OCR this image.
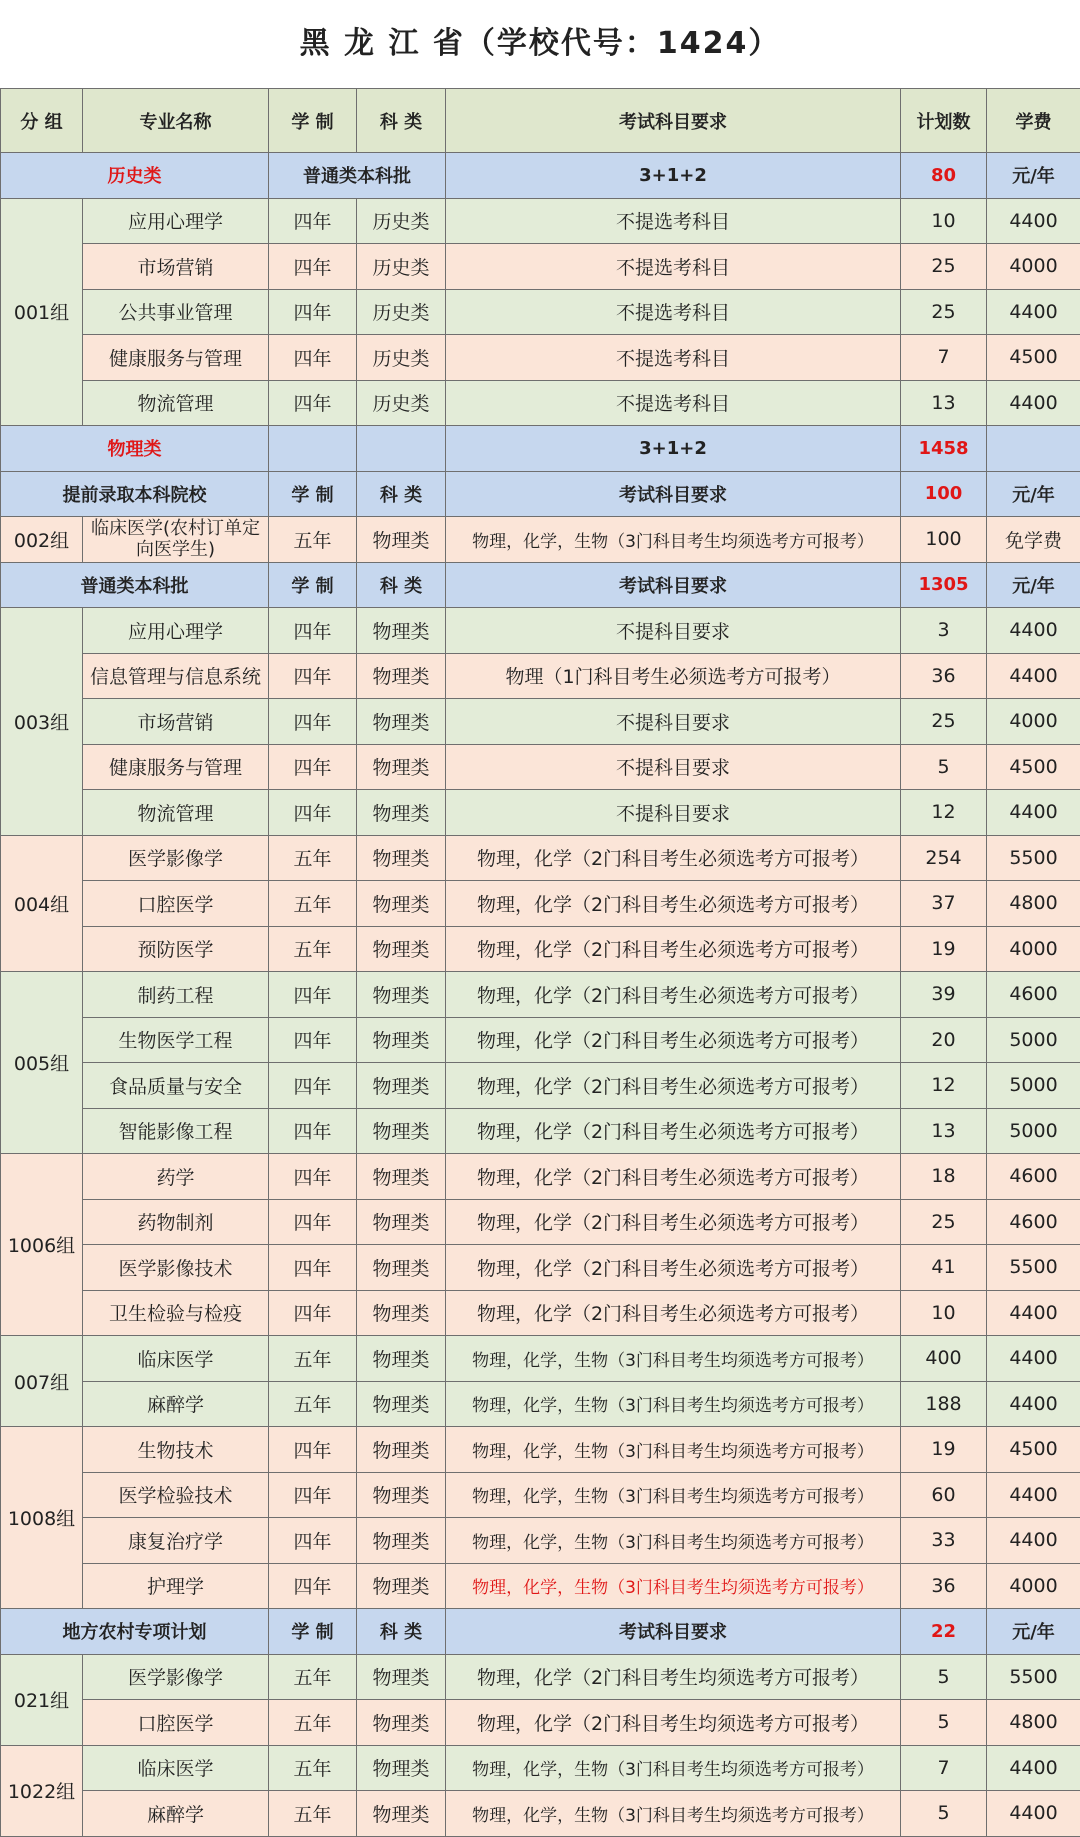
黑 龙 江 省（学校代号：1424）
分 组	专业名称	学 制	科 类	考试科目要求	计划数	学费
历史类		普通类本科批		3+1+2	80	元/年
001组	应用心理学	四年	历史类	不提选考科目	10	4400
	市场营销	四年	历史类	不提选考科目	25	4000
	公共事业管理	四年	历史类	不提选考科目	25	4400
	健康服务与管理	四年	历史类	不提选考科目	7	4500
	物流管理	四年	历史类	不提选考科目	13	4400
物理类				3+1+2	1458	
提前录取本科院校		学 制	科 类	考试科目要求	100	元/年
002组	临床医学(农村订单定向医学生)	五年	物理类	物理，化学，生物（3门科目考生均须选考方可报考）	100	免学费
普通类本科批		学 制	科 类	考试科目要求	1305	元/年
003组	应用心理学	四年	物理类	不提科目要求	3	4400
	信息管理与信息系统	四年	物理类	物理（1门科目考生必须选考方可报考）	36	4400
	市场营销	四年	物理类	不提科目要求	25	4000
	健康服务与管理	四年	物理类	不提科目要求	5	4500
	物流管理	四年	物理类	不提科目要求	12	4400
004组	医学影像学	五年	物理类	物理，化学（2门科目考生必须选考方可报考）	254	5500
	口腔医学	五年	物理类	物理，化学（2门科目考生必须选考方可报考）	37	4800
	预防医学	五年	物理类	物理，化学（2门科目考生必须选考方可报考）	19	4000
005组	制药工程	四年	物理类	物理，化学（2门科目考生必须选考方可报考）	39	4600
	生物医学工程	四年	物理类	物理，化学（2门科目考生必须选考方可报考）	20	5000
	食品质量与安全	四年	物理类	物理，化学（2门科目考生必须选考方可报考）	12	5000
	智能影像工程	四年	物理类	物理，化学（2门科目考生必须选考方可报考）	13	5000
1006组	药学	四年	物理类	物理，化学（2门科目考生必须选考方可报考）	18	4600
	药物制剂	四年	物理类	物理，化学（2门科目考生必须选考方可报考）	25	4600
	医学影像技术	四年	物理类	物理，化学（2门科目考生必须选考方可报考）	41	5500
	卫生检验与检疫	四年	物理类	物理，化学（2门科目考生必须选考方可报考）	10	4400
007组	临床医学	五年	物理类	物理，化学，生物（3门科目考生均须选考方可报考）	400	4400
	麻醉学	五年	物理类	物理，化学，生物（3门科目考生均须选考方可报考）	188	4400
1008组	生物技术	四年	物理类	物理，化学，生物（3门科目考生均须选考方可报考）	19	4500
	医学检验技术	四年	物理类	物理，化学，生物（3门科目考生均须选考方可报考）	60	4400
	康复治疗学	四年	物理类	物理，化学，生物（3门科目考生均须选考方可报考）	33	4400
	护理学	四年	物理类	物理，化学，生物（3门科目考生均须选考方可报考）	36	4000
地方农村专项计划		学 制	科 类	考试科目要求	22	元/年
021组	医学影像学	五年	物理类	物理，化学（2门科目考生均须选考方可报考）	5	5500
	口腔医学	五年	物理类	物理，化学（2门科目考生均须选考方可报考）	5	4800
1022组	临床医学	五年	物理类	物理，化学，生物（3门科目考生均须选考方可报考）	7	4400
	麻醉学	五年	物理类	物理，化学，生物（3门科目考生均须选考方可报考）	5	4400
